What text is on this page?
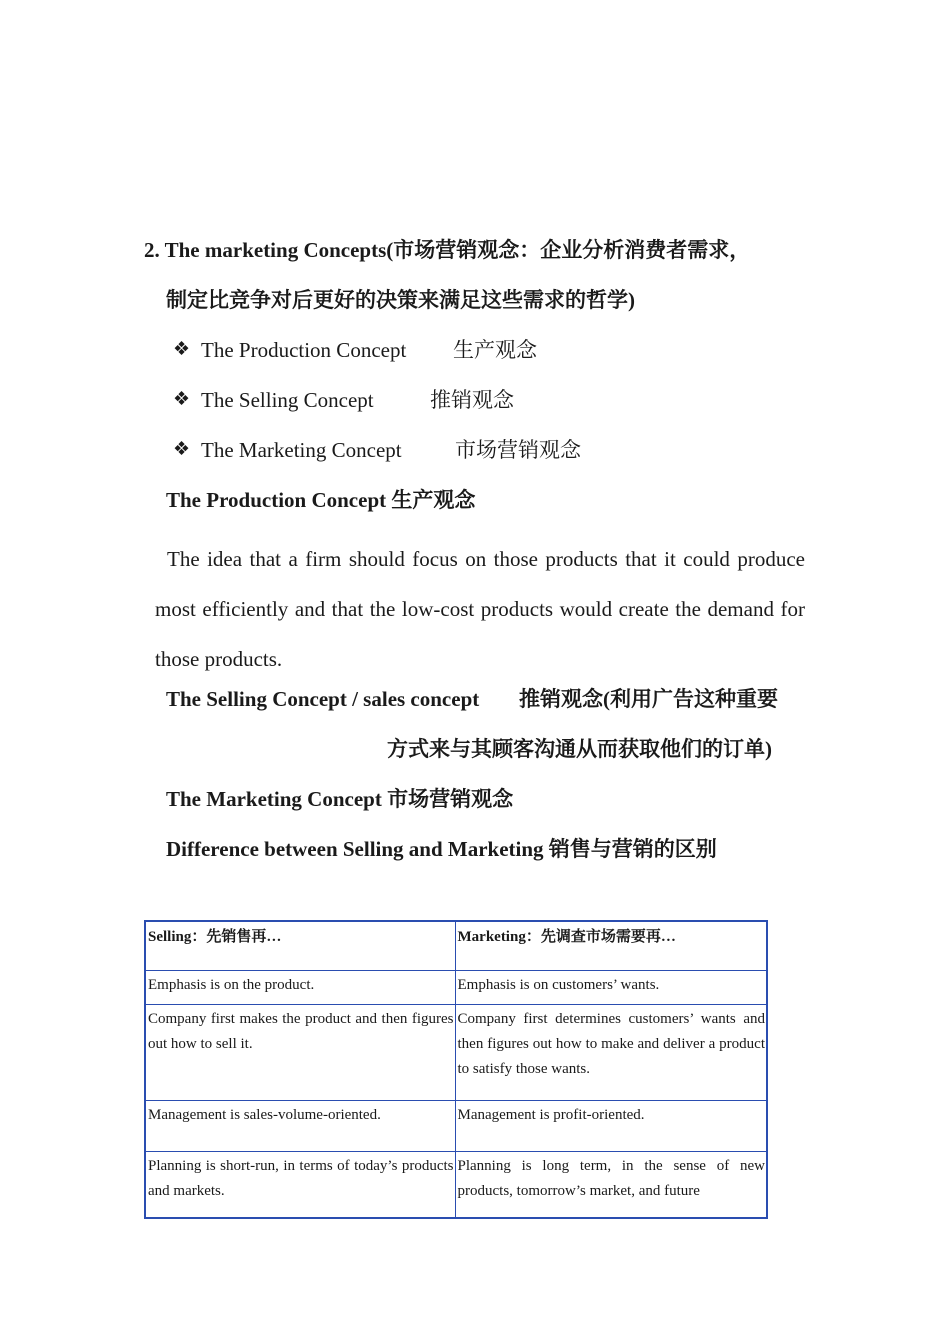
2. The marketing Concepts(市场营销观念：企业分析消费者需求，
制定比竞争对后更好的决策来满足这些需求的哲学)
❖ The Production Concept 生产观念
❖ The Selling Concept	推销观念
❖ The Marketing Concept	市场营销观念
The Production Concept 生产观念
The idea that a firm should focus on those products that it could produce most efficiently and that the low-cost products would create the demand for those products.
The Selling Concept / sales concept 推销观念(利用广告这种重要
方式来与其顾客沟通从而获取他们的订单)
The Marketing Concept 市场营销观念
Difference between Selling and Marketing 销售与营销的区别
Selling：先销售再…	Marketing：先调查市场需要再…
Emphasis is on the product.	Emphasis is on customers’ wants.
Company first makes the product and then figures out how to sell it.	Company first determines customers’ wants and then figures out how to make and deliver a product to satisfy those wants.
Management is sales-volume-oriented.	Management is profit-oriented.
Planning is short-run, in terms of today’s products and markets.	Planning is long term, in the sense of new products, tomorrow’s market, and future
